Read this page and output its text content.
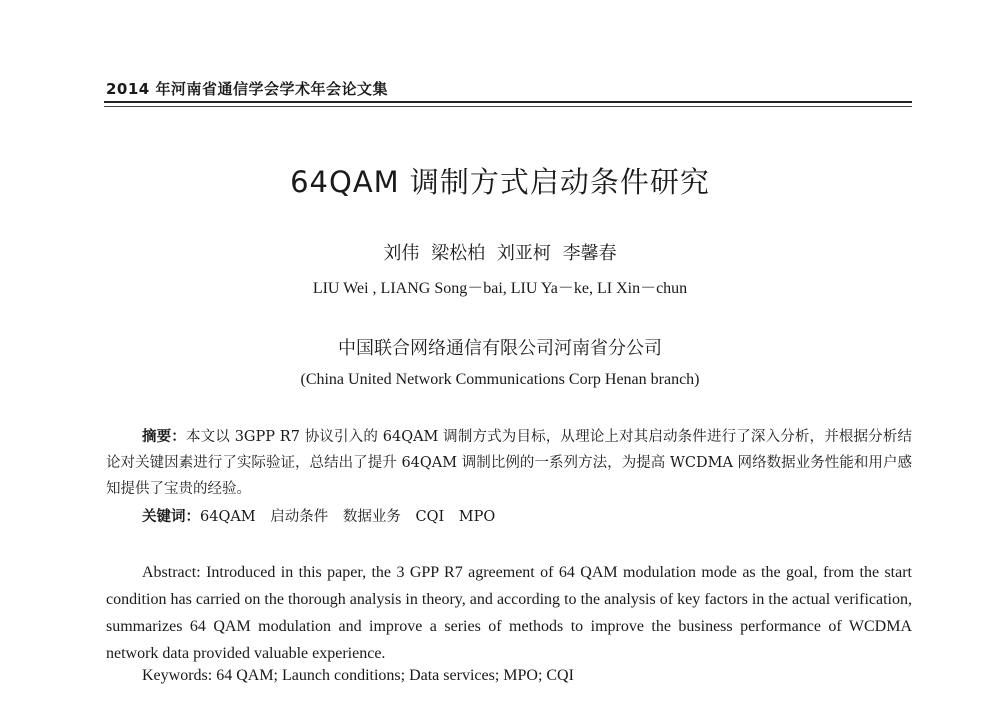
2014 年河南省通信学会学术年会论文集
64QAM 调制方式启动条件研究
刘伟 梁松柏 刘亚柯 李馨春
LIU Wei , LIANG Song－bai, LIU Ya－ke, LI Xin－chun
中国联合网络通信有限公司河南省分公司
(China United Network Communications Corp Henan branch)

摘要：本文以 3GPP R7 协议引入的 64QAM 调制方式为目标，从理论上对其启动条件进行了深入分析，并根据分析结论对关键因素进行了实际验证，总结出了提升 64QAM 调制比例的一系列方法，为提高 WCDMA 网络数据业务性能和用户感知提供了宝贵的经验。

关键词：64QAM 启动条件 数据业务 CQI MPO

Abstract: Introduced in this paper, the 3 GPP R7 agreement of 64 QAM modulation mode as the goal, from the start condition has carried on the thorough analysis in theory, and according to the analysis of key factors in the actual verification, summarizes 64 QAM modulation and improve a series of methods to improve the business performance of WCDMA network data provided valuable experience.

Keywords: 64 QAM; Launch conditions; Data services; MPO; CQI
